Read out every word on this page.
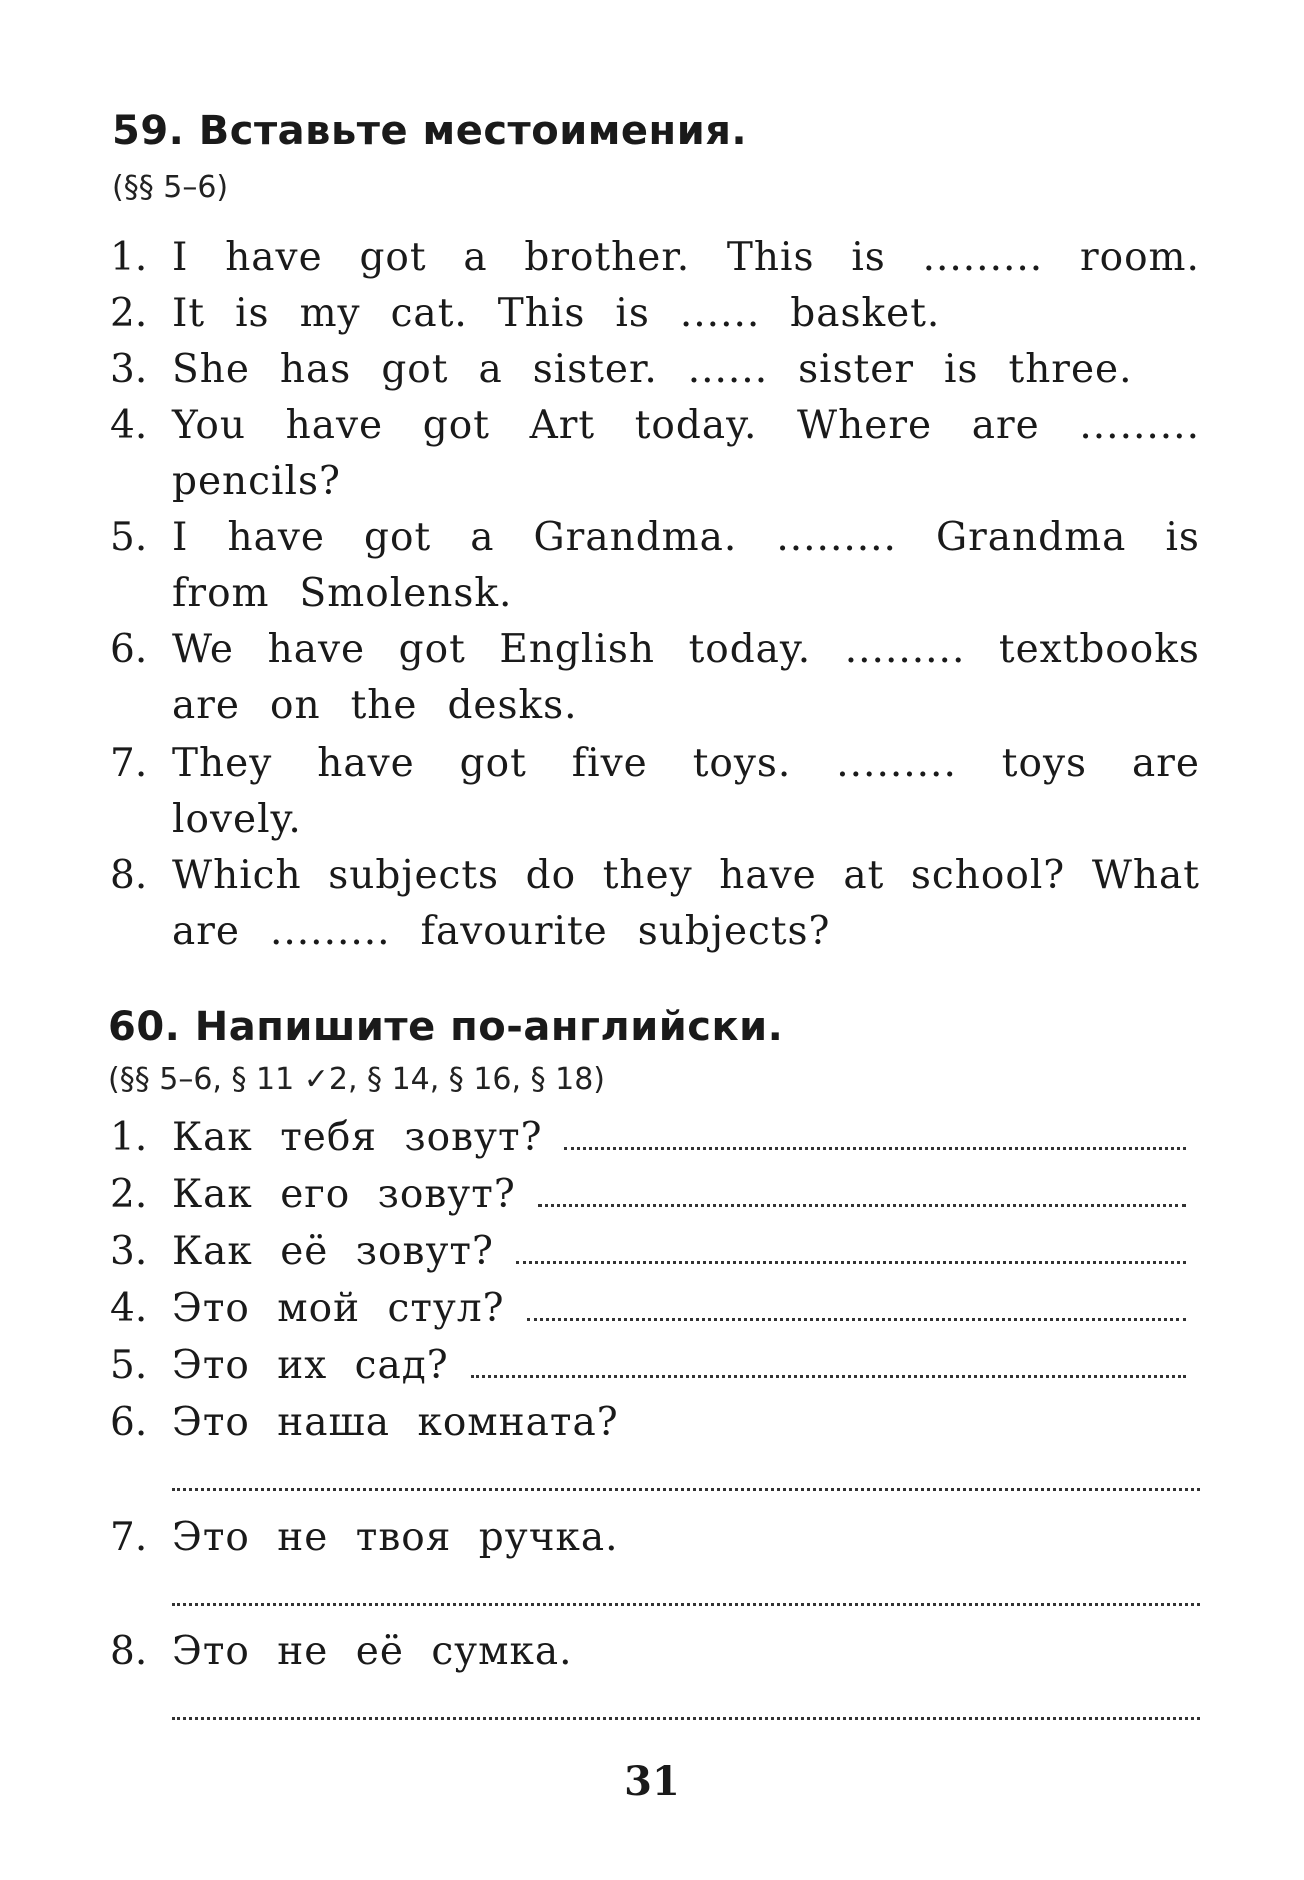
59. Вставьте местоимения.
(§§ 5–6)
1. I have got a brother. This is ......... room.
2. It is my cat. This is ...... basket.
3. She has got a sister. ...... sister is three.
4. You have got Art today. Where are .........
pencils?
5. I have got a Grandma. ......... Grandma is
from Smolensk.
6. We have got English today. ......... textbooks
are on the desks.
7. They have got five toys. ......... toys are
lovely.
8. Which subjects do they have at school? What
are ......... favourite subjects?
60. Напишите по-английски.
(§§ 5–6, § 11 ✓2, § 14, § 16, § 18)
1. Как тебя зовут?
2. Как его зовут?
3. Как её зовут?
4. Это мой стул?
5. Это их сад?
6. Это наша комната?
7. Это не твоя ручка.
8. Это не её сумка.
31
